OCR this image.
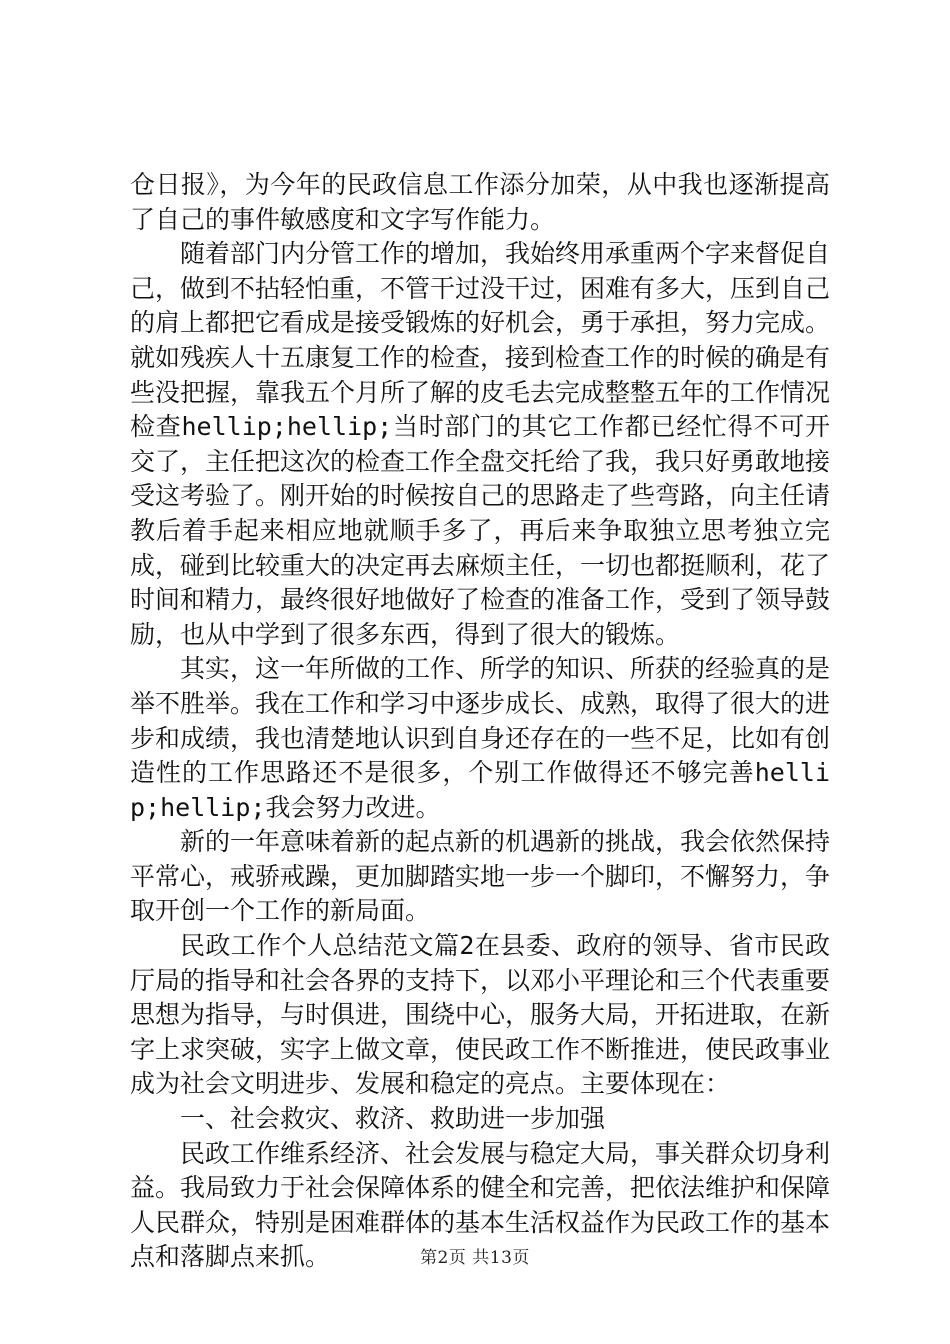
仓日报》，为今年的民政信息工作添分加荣，从中我也逐渐提高了自己的事件敏感度和文字写作能力。

随着部门内分管工作的增加，我始终用承重两个字来督促自己，做到不拈轻怕重，不管干过没干过，困难有多大，压到自己的肩上都把它看成是接受锻炼的好机会，勇于承担，努力完成。就如残疾人十五康复工作的检查，接到检查工作的时候的确是有些没把握，靠我五个月所了解的皮毛去完成整整五年的工作情况检查hellip;hellip;当时部门的其它工作都已经忙得不可开交了，主任把这次的检查工作全盘交托给了我，我只好勇敢地接受这考验了。刚开始的时候按自己的思路走了些弯路，向主任请教后着手起来相应地就顺手多了，再后来争取独立思考独立完成，碰到比较重大的决定再去麻烦主任，一切也都挺顺利，花了时间和精力，最终很好地做好了检查的准备工作，受到了领导鼓励，也从中学到了很多东西，得到了很大的锻炼。

其实，这一年所做的工作、所学的知识、所获的经验真的是举不胜举。我在工作和学习中逐步成长、成熟，取得了很大的进步和成绩，我也清楚地认识到自身还存在的一些不足，比如有创造性的工作思路还不是很多，个别工作做得还不够完善hellip;hellip;我会努力改进。

新的一年意味着新的起点新的机遇新的挑战，我会依然保持平常心，戒骄戒躁，更加脚踏实地一步一个脚印，不懈努力，争取开创一个工作的新局面。

民政工作个人总结范文篇2在县委、政府的领导、省市民政厅局的指导和社会各界的支持下，以邓小平理论和三个代表重要思想为指导，与时俱进，围绕中心，服务大局，开拓进取，在新字上求突破，实字上做文章，使民政工作不断推进，使民政事业成为社会文明进步、发展和稳定的亮点。主要体现在：

一、社会救灾、救济、救助进一步加强

民政工作维系经济、社会发展与稳定大局，事关群众切身利益。我局致力于社会保障体系的健全和完善，把依法维护和保障人民群众，特别是困难群体的基本生活权益作为民政工作的基本点和落脚点来抓。	第2页 共13页
